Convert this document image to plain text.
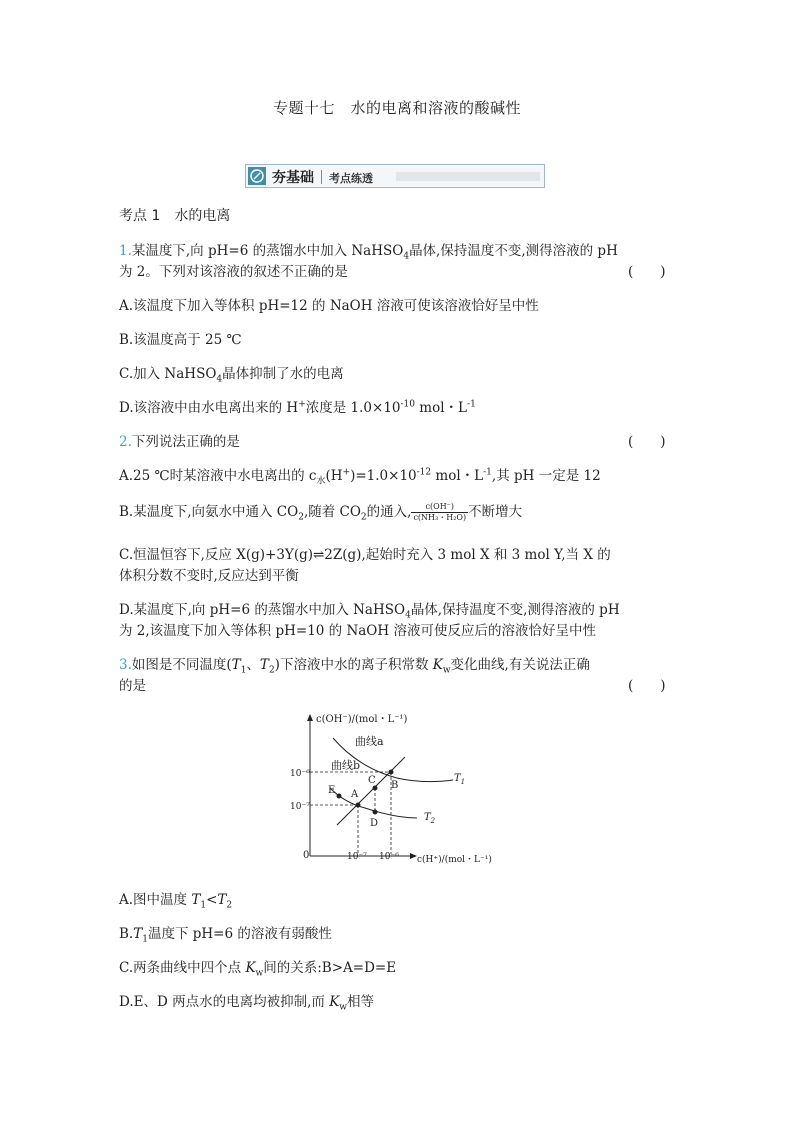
专题十七　水的电离和溶液的酸碱性
夯基础 考点练透
考点 1　水的电离
1.某温度下,向 pH=6 的蒸馏水中加入 NaHSO$_4$晶体,保持温度不变,测得溶液的 pH
为 2。下列对该溶液的叙述不正确的是	(　　)
A.该温度下加入等体积 pH=12 的 NaOH 溶液可使该溶液恰好呈中性
B.该温度高于 25 ℃
C.加入 NaHSO$_4$晶体抑制了水的电离
D.该溶液中由水电离出来的 H+浓度是 $1.0\times 10^{-10}$ mol・$L^{-1}$
2.下列说法正确的是	(　　)
A.25 ℃时某溶液中水电离出的 $c_水(H^+)=1.0\times 10^{-12}$ mol・$L^{-1}$,其 pH 一定是 12
B.某温度下,向氨水中通入 $CO_2$,随着 $CO_2$的通入, $\frac{c(OH^-)}{\text{c(NH₃・H₂O)}}$ 不断增大
C.恒温恒容下,反应 X(g)+3Y(g)⇌2Z(g),起始时充入 3 mol X 和 3 mol Y,当 X 的
体积分数不变时,反应达到平衡
D.某温度下,向 pH=6 的蒸馏水中加入 NaHSO$_4$晶体,保持温度不变,测得溶液的 pH
为 2,该温度下加入等体积 pH=10 的 NaOH 溶液可使反应后的溶液恰好呈中性
3.如图是不同温度($T_1$、$T_2$)下溶液中水的离子积常数 $K_w$变化曲线,有关说法正确
的是	(　　)
c(OH⁻)/(mol・L⁻¹)
c(H⁺)/(mol・L⁻¹)
0
10⁻⁶
10⁻⁷
10⁻⁷ 10⁻⁶
曲线a
曲线b
$T_1$
$T_2$
A
B
C
D
E
A.图中温度 $T_1<T_2$
$B.T_1$温度下 pH=6 的溶液有弱酸性
C.两条曲线中四个点 $K_w$间的关系:B>A=D=E
D.E、D 两点水的电离均被抑制,而 $K_w$相等
